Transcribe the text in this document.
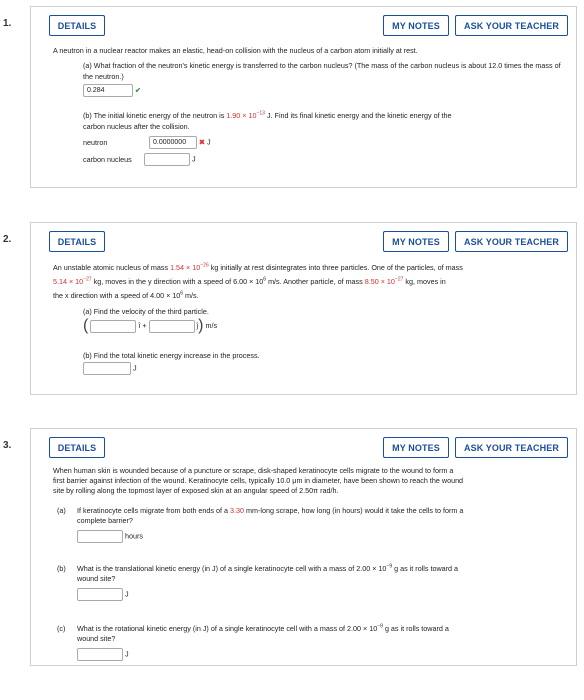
1.	DETAILS	MY NOTES	ASK YOUR TEACHER
A neutron in a nuclear reactor makes an elastic, head-on collision with the nucleus of a carbon atom initially at rest.
(a) What fraction of the neutron's kinetic energy is transferred to the carbon nucleus? (The mass of the carbon nucleus is about 12.0 times the mass of the neutron.)
0.284	✔
(b) The initial kinetic energy of the neutron is $1.90 \times 10^{-13}$ J. Find its final kinetic energy and the kinetic energy of the
carbon nucleus after the collision.
neutron	0.0000000 ✖ J
carbon nucleus	J
2.	DETAILS	MY NOTES	ASK YOUR TEACHER
An unstable atomic nucleus of mass $1.54 \times 10^{-26}$ kg initially at rest disintegrates into three particles. One of the particles, of mass
$5.14 \times 10^{-27}$ kg, moves in the y direction with a speed of $6.00 \times 10^6$ m/s. Another particle, of mass $8.50 \times 10^{-27}$ kg, moves in
the x direction with a speed of $4.00 \times 10^6$ m/s.
(a) Find the velocity of the third particle.
(	î +	ĵ) m/s
(b) Find the total kinetic energy increase in the process.
J
3.	DETAILS	MY NOTES	ASK YOUR TEACHER
When human skin is wounded because of a puncture or scrape, disk-shaped keratinocyte cells migrate to the wound to form a
first barrier against infection of the wound. Keratinocyte cells, typically 10.0 μm in diameter, have been shown to reach the wound
site by rolling along the topmost layer of exposed skin at an angular speed of 2.50π rad/h.
(a) If keratinocyte cells migrate from both ends of a 3.30 mm-long scrape, how long (in hours) would it take the cells to form a
complete barrier?
hours
(b) What is the translational kinetic energy (in J) of a single keratinocyte cell with a mass of $2.00 \times 10^{-9}$ g as it rolls toward a
wound site?
J
(c) What is the rotational kinetic energy (in J) of a single keratinocyte cell with a mass of $2.00 \times 10^{-9}$ g as it rolls toward a
wound site?
J
